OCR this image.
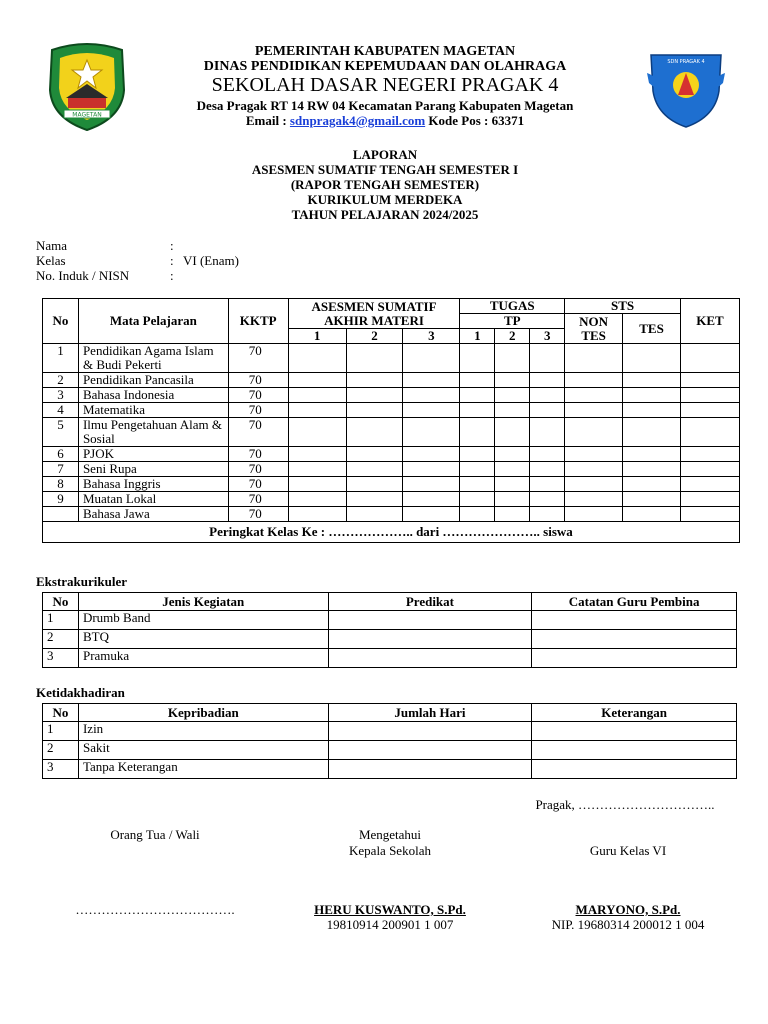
MAGETAN
SDN PRAGAK 4
PEMERINTAH KABUPATEN MAGETAN
DINAS PENDIDIKAN KEPEMUDAAN DAN OLAHRAGA
SEKOLAH DASAR NEGERI PRAGAK 4
Desa Pragak RT 14 RW 04 Kecamatan Parang Kabupaten Magetan
Email : sdnpragak4@gmail.com Kode Pos : 63371
LAPORAN
ASESMEN SUMATIF TENGAH SEMESTER I
(RAPOR TENGAH SEMESTER)
KURIKULUM MERDEKA
TAHUN PELAJARAN 2024/2025
Nama	:
Kelas	: VI (Enam)
No. Induk / NISN	:
No	Mata Pelajaran	KKTP	ASESMEN SUMATIF AKHIR MATERI			TUGAS			STS		KET
						TP			NON TES	TES	
			1	2	3	1	2	3			
1	Pendidikan Agama Islam & Budi Pekerti	70									
2	Pendidikan Pancasila	70									
3	Bahasa Indonesia	70									
4	Matematika	70									
5	Ilmu Pengetahuan Alam & Sosial	70									
6	PJOK	70									
7	Seni Rupa	70									
8	Bahasa Inggris	70									
9	Muatan Lokal	70									
	Bahasa Jawa	70									
Peringkat Kelas Ke : ……………….. dari ………………….. siswa											
Ekstrakurikuler
No	Jenis Kegiatan	Predikat	Catatan Guru Pembina
1	Drumb Band		
2	BTQ		
3	Pramuka		
Ketidakhadiran
No	Kepribadian	Jumlah Hari	Keterangan
1	Izin		
2	Sakit		
3	Tanpa Keterangan		
Pragak, …………………………..
Orang Tua / Wali	Mengetahui
Kepala Sekolah	Guru Kelas VI
……………………………….	HERU KUSWANTO, S.Pd.
19810914 200901 1 007
MARYONO, S.Pd.
NIP. 19680314 200012 1 004
